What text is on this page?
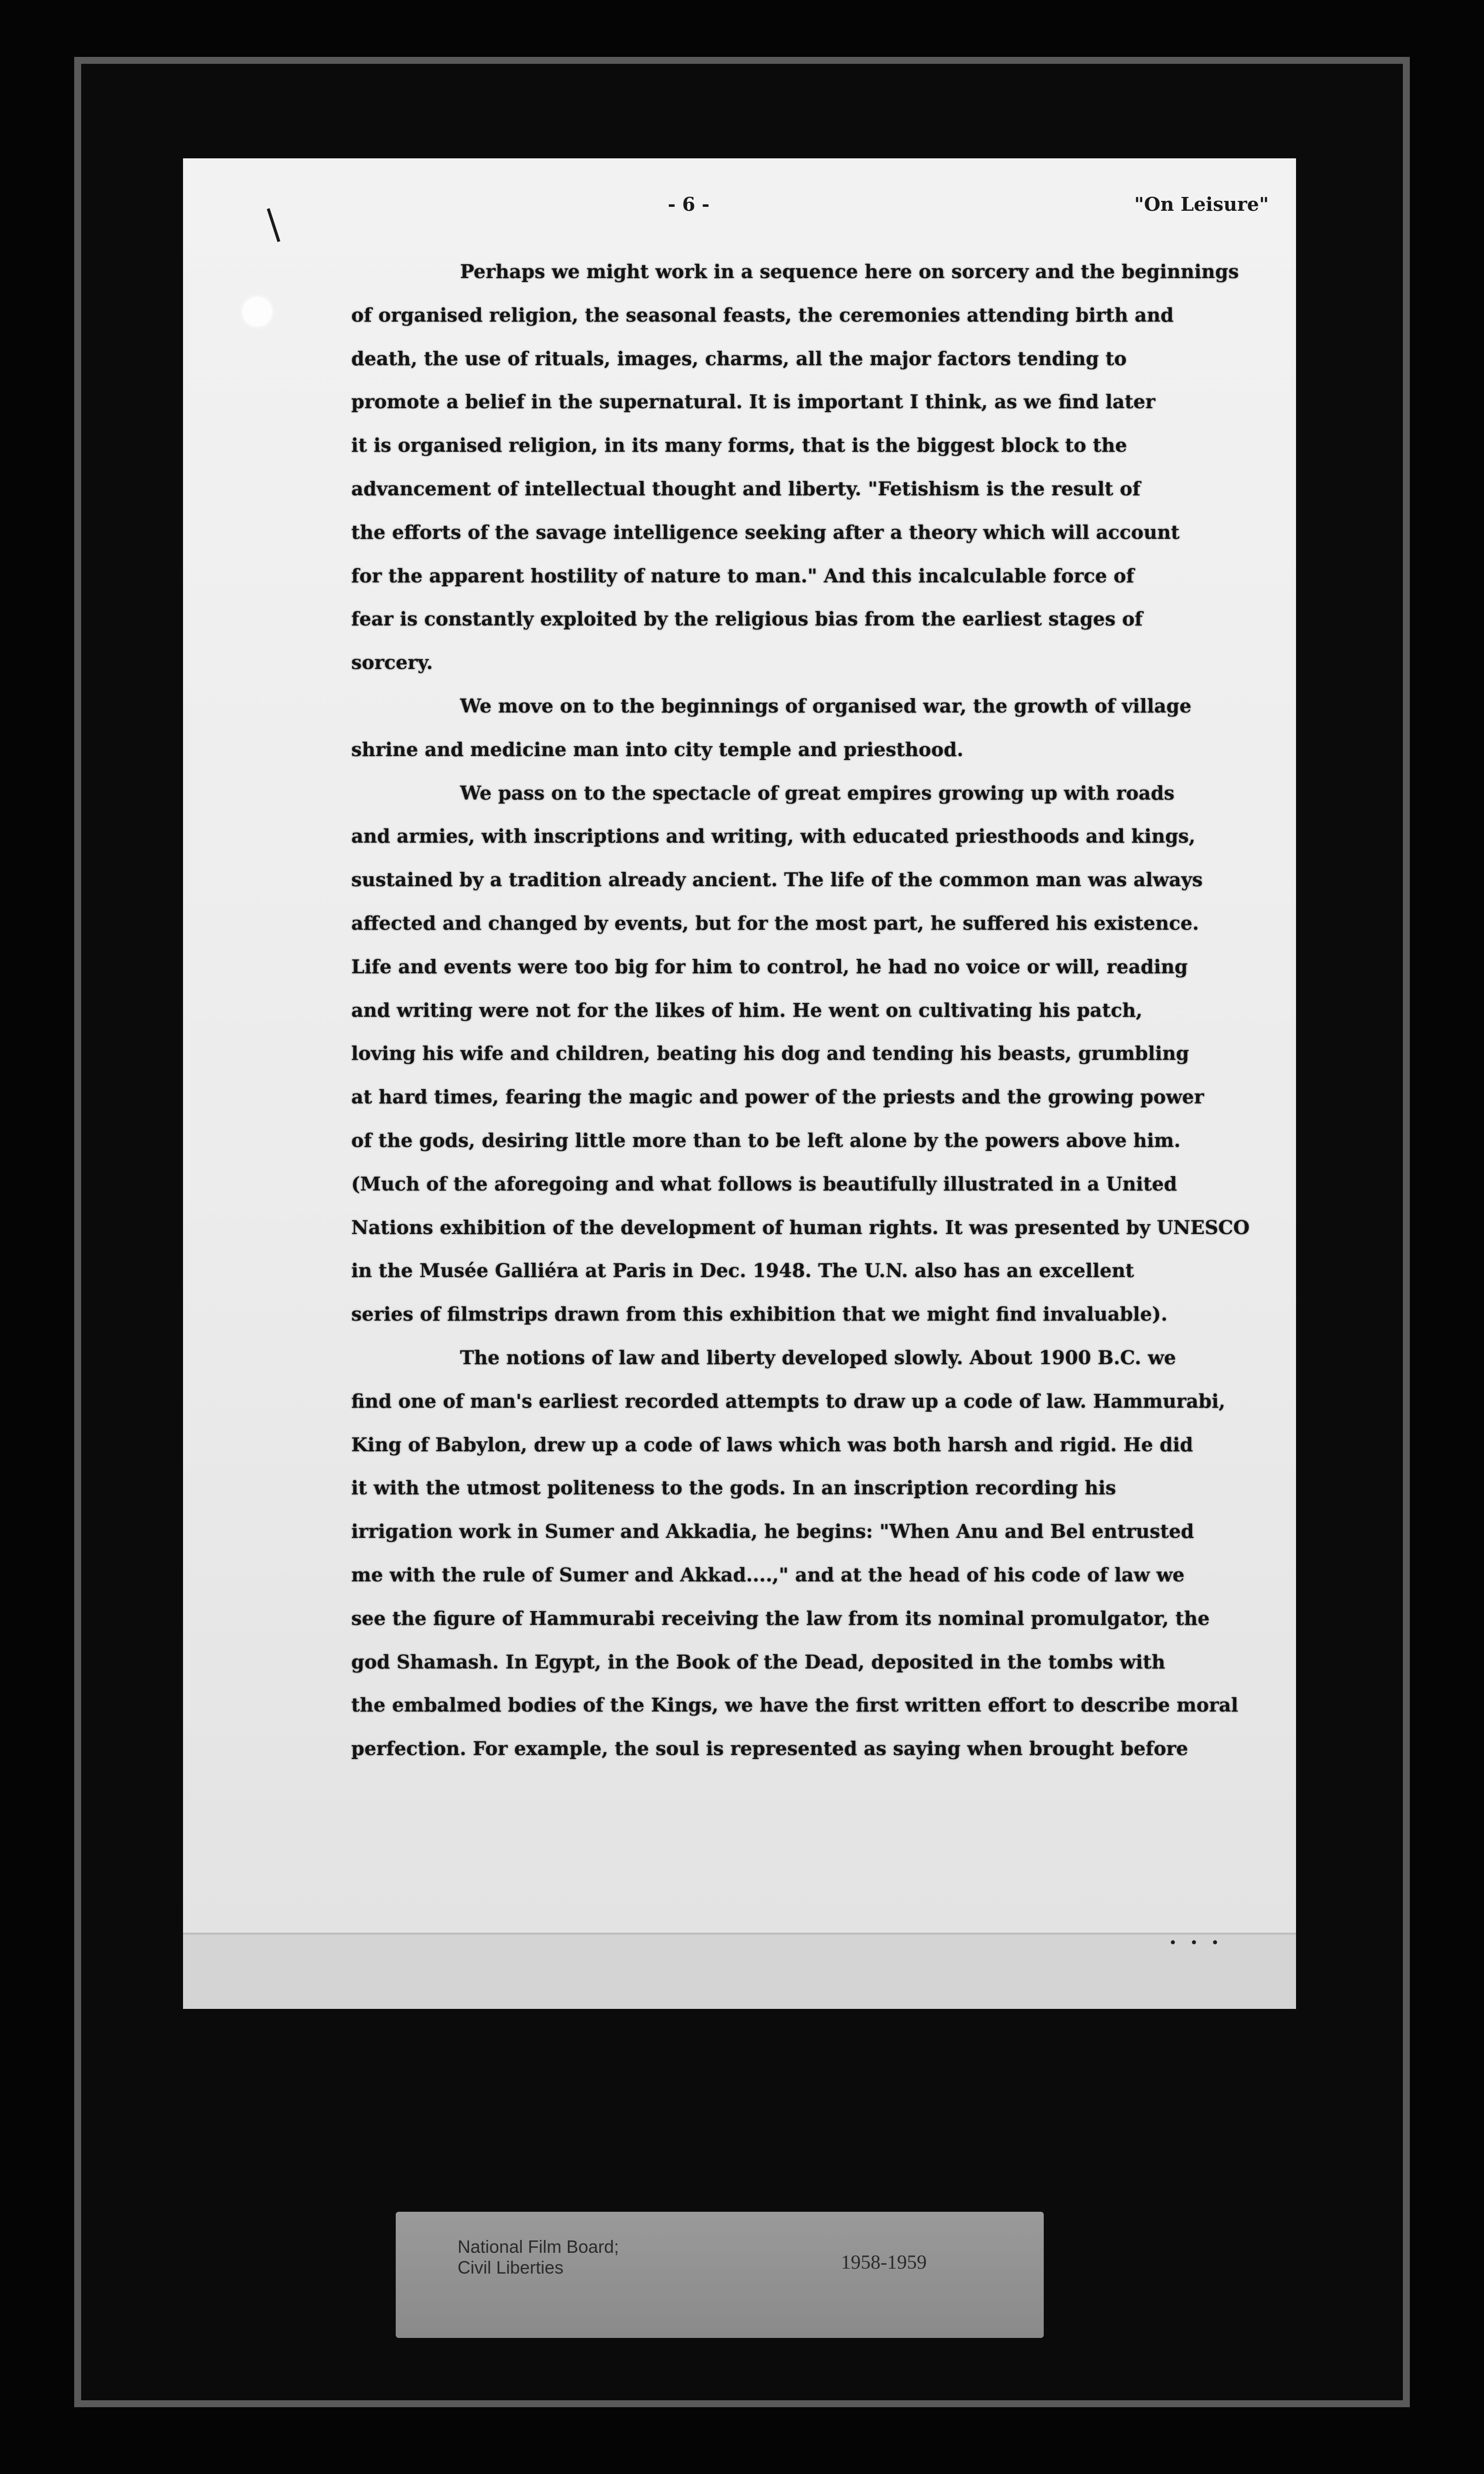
- 6 -	"On Leisure"
Perhaps we might work in a sequence here on sorcery and the beginnings
of organised religion, the seasonal feasts, the ceremonies attending birth and
death, the use of rituals, images, charms, all the major factors tending to
promote a belief in the supernatural. It is important I think, as we find later
it is organised religion, in its many forms, that is the biggest block to the
advancement of intellectual thought and liberty. "Fetishism is the result of
the efforts of the savage intelligence seeking after a theory which will account
for the apparent hostility of nature to man." And this incalculable force of
fear is constantly exploited by the religious bias from the earliest stages of
sorcery.
We move on to the beginnings of organised war, the growth of village
shrine and medicine man into city temple and priesthood.
We pass on to the spectacle of great empires growing up with roads
and armies, with inscriptions and writing, with educated priesthoods and kings,
sustained by a tradition already ancient. The life of the common man was always
affected and changed by events, but for the most part, he suffered his existence.
Life and events were too big for him to control, he had no voice or will, reading
and writing were not for the likes of him. He went on cultivating his patch,
loving his wife and children, beating his dog and tending his beasts, grumbling
at hard times, fearing the magic and power of the priests and the growing power
of the gods, desiring little more than to be left alone by the powers above him.
(Much of the aforegoing and what follows is beautifully illustrated in a United
Nations exhibition of the development of human rights. It was presented by UNESCO
in the Musée Galliéra at Paris in Dec. 1948. The U.N. also has an excellent
series of filmstrips drawn from this exhibition that we might find invaluable).
The notions of law and liberty developed slowly. About 1900 B.C. we
find one of man's earliest recorded attempts to draw up a code of law. Hammurabi,
King of Babylon, drew up a code of laws which was both harsh and rigid. He did
it with the utmost politeness to the gods. In an inscription recording his
irrigation work in Sumer and Akkadia, he begins: "When Anu and Bel entrusted
me with the rule of Sumer and Akkad....," and at the head of his code of law we
see the figure of Hammurabi receiving the law from its nominal promulgator, the
god Shamash. In Egypt, in the Book of the Dead, deposited in the tombs with
the embalmed bodies of the Kings, we have the first written effort to describe moral
perfection. For example, the soul is represented as saying when brought before
. . .
National Film Board;
Civil Liberties	1958-1959
